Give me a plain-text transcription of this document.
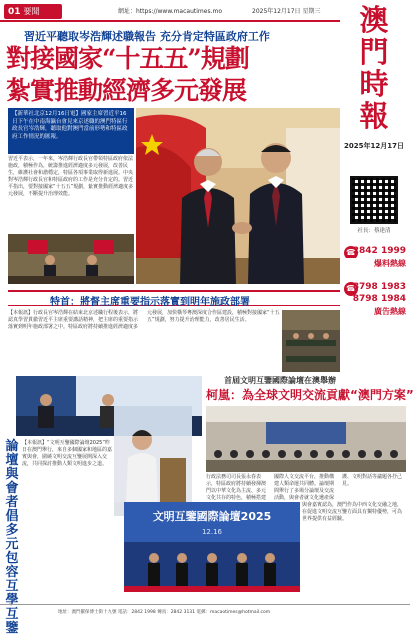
01 要聞	網址：https://www.macautimes.mo	2025年12月17日 星期三	澳
門
時
報
2025年12月17日
社長：蔡達清
☎
2842 1999
爆料熱線
☎
8798 1983
8798 1984
廣告熱線
習近平聽取岑浩輝述職報告 充分肯定特區政府工作
對接國家“十五五”規劃
紮實推動經濟多元發展
【新華社北京12月16日電】國家主席習近平16日下午在中南海瀛台會見來京述職的澳門特區行政長官岑浩輝，聽取他對澳門當前形勢和特區政府工作情況的匯報。
習近平表示，一年來，岑浩輝行政長官帶領特區政府依法施政，積極作為，統籌推進經濟適度多元發展，改善民生，維護社會和諧穩定，特區各項事業取得新進展。中央對岑浩輝行政長官和特區政府的工作是充分肯定的。習近平指出，要對接國家“十五五”規劃，紮實推動經濟適度多元發展，不斷提升治理效能。
特首：將督主席重要指示落實到明年施政部署
【本報訊】行政長官岑浩輝在結束北京述職行程後表示，將認真學習貫徹習近平主席重要講話精神，把主席的重要指示落實到明年施政部署之中。特區政府將持續推進經濟適度多元發展，加快橫琴粵澳深度合作區建設，積極對接國家“十五五”規劃，努力提升治理能力，改善居民生活。
首屆文明互鑒國際論壇在澳舉辦
柯嵐：為全球文明交流貢獻“澳門方案”
論壇與會者倡多元包容互學互鑒
【本報訊】“文明互鑒國際論壇2025”昨日在澳門舉行，來自多個國家和地區的嘉賓與會，圍繞文明交流互鑒展開深入交流，共同探討推動人類文明進步之道。
行政法務司司長張永春表示，特區政府將持續發揮澳門以中華文化為主流、多元文化共存的特色，積極搭建國際人文交流平台，推動構建人類命運共同體。論壇期間舉行了多場分論壇及交流活動，與會者就文化遺產保護、文明對話等議題各抒己見。
文明互鑒國際論壇2025
12.16
與會嘉賓認為，澳門作為中西文化交融之地，在促進文明交流互鑒方面具有獨特優勢，可為世界提供有益經驗。
地址：澳門羅保博士街十九號 電話：2842 1998 傳真：2842 3131 電郵：macaotimes@hotmail.com
